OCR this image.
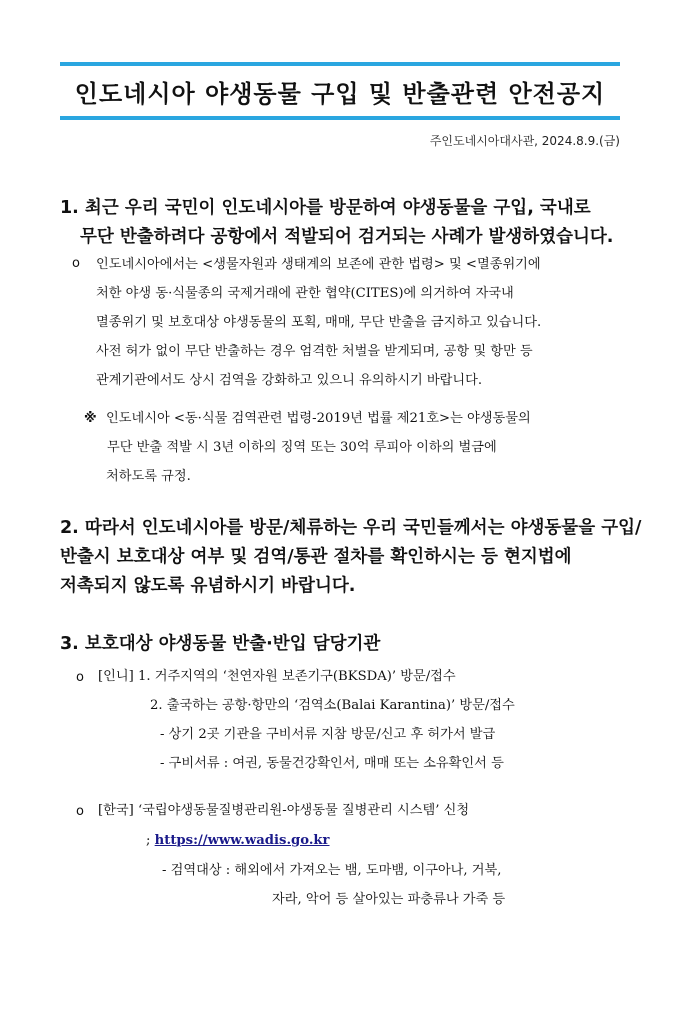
인도네시아 야생동물 구입 및 반출관련 안전공지
주인도네시아대사관, 2024.8.9.(금)
1. 최근 우리 국민이 인도네시아를 방문하여 야생동물을 구입, 국내로
무단 반출하려다 공항에서 적발되어 검거되는 사례가 발생하였습니다.
o 인도네시아에서는 <생물자원과 생태계의 보존에 관한 법령> 및 <멸종위기에
처한 야생 동·식물종의 국제거래에 관한 협약(CITES)에 의거하여 자국내
멸종위기 및 보호대상 야생동물의 포획, 매매, 무단 반출을 금지하고 있습니다.
사전 허가 없이 무단 반출하는 경우 엄격한 처벌을 받게되며, 공항 및 항만 등
관계기관에서도 상시 검역을 강화하고 있으니 유의하시기 바랍니다.
※ 인도네시아 <동·식물 검역관련 법령-2019년 법률 제21호>는 야생동물의
무단 반출 적발 시 3년 이하의 징역 또는 30억 루피아 이하의 벌금에
처하도록 규정.
2. 따라서 인도네시아를 방문/체류하는 우리 국민들께서는 야생동물을 구입/
반출시 보호대상 여부 및 검역/통관 절차를 확인하시는 등 현지법에
저촉되지 않도록 유념하시기 바랍니다.
3. 보호대상 야생동물 반출·반입 담당기관
o [인니] 1. 거주지역의 ‘천연자원 보존기구(BKSDA)’ 방문/접수
2. 출국하는 공항·항만의 ‘검역소(Balai Karantina)’ 방문/접수
- 상기 2곳 기관을 구비서류 지참 방문/신고 후 허가서 발급
- 구비서류 : 여권, 동물건강확인서, 매매 또는 소유확인서 등
o [한국] ‘국립야생동물질병관리원-야생동물 질병관리 시스템’ 신청
; https://www.wadis.go.kr
- 검역대상 : 해외에서 가져오는 뱀, 도마뱀, 이구아나, 거북,
자라, 악어 등 살아있는 파충류나 가죽 등
